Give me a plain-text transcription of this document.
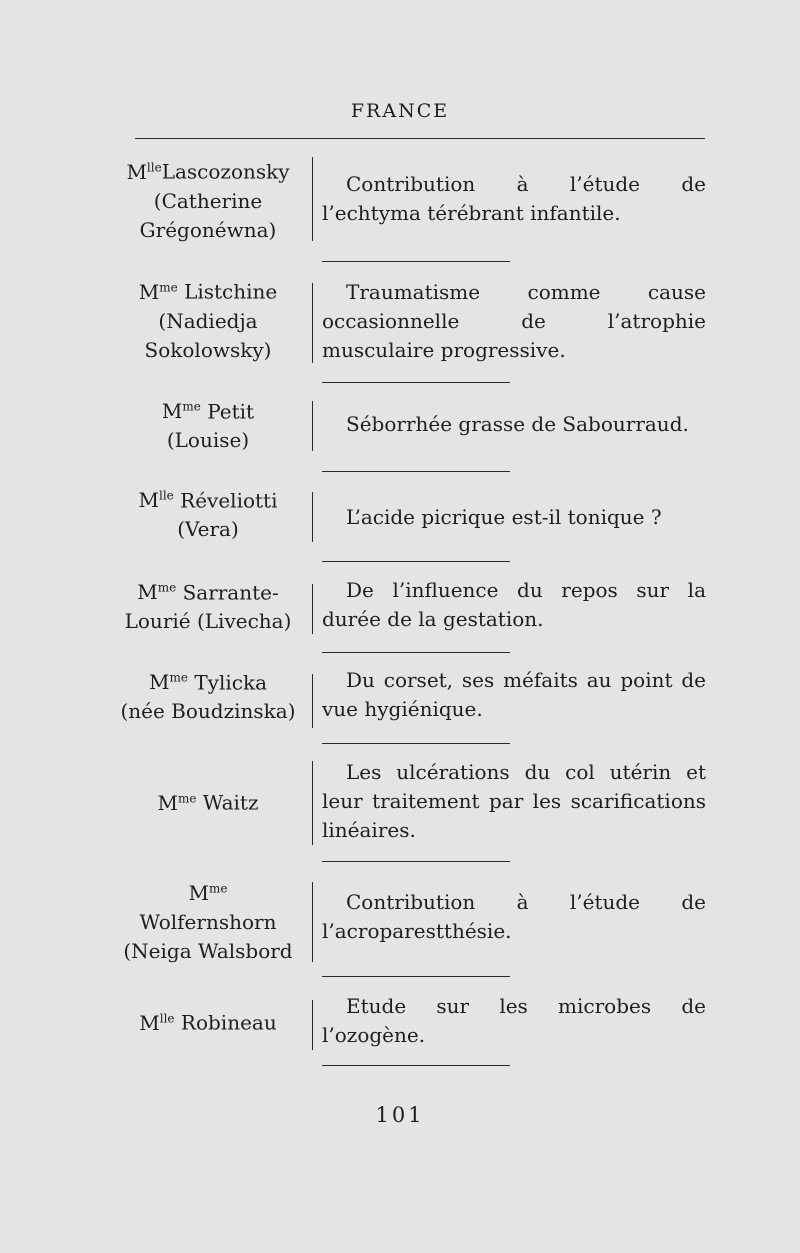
FRANCE
$M^{lle}Lascozonsky$
(Catherine
Grégonéwna)
Contribution à l’étude de l’echtyma térébrant infantile.
$M^{me}$ Listchine
(Nadiedja
Sokolowsky)
Traumatisme comme cause occasionnelle de l’atrophie musculaire progressive.
$M^{me}$ Petit
(Louise)
Séborrhée grasse de Sabourraud.
$M^{lle}$ Réveliotti
(Vera)
L’acide picrique est-il tonique ?
$M^{me}$ Sarrante-
Lourié (Livecha)
De l’influence du repos sur la durée de la gestation.
$M^{me}$ Tylicka
(née Boudzinska)
Du corset, ses méfaits au point de vue hygiénique.
$M^{me}$ Waitz
Les ulcérations du col utérin et leur traitement par les scarifications linéaires.
$M^{me}$
Wolfernshorn
(Neiga Walsbord
Contribution à l’étude de l’acroparestthésie.
$M^{lle}$ Robineau
Etude sur les microbes de l’ozogène.
101
